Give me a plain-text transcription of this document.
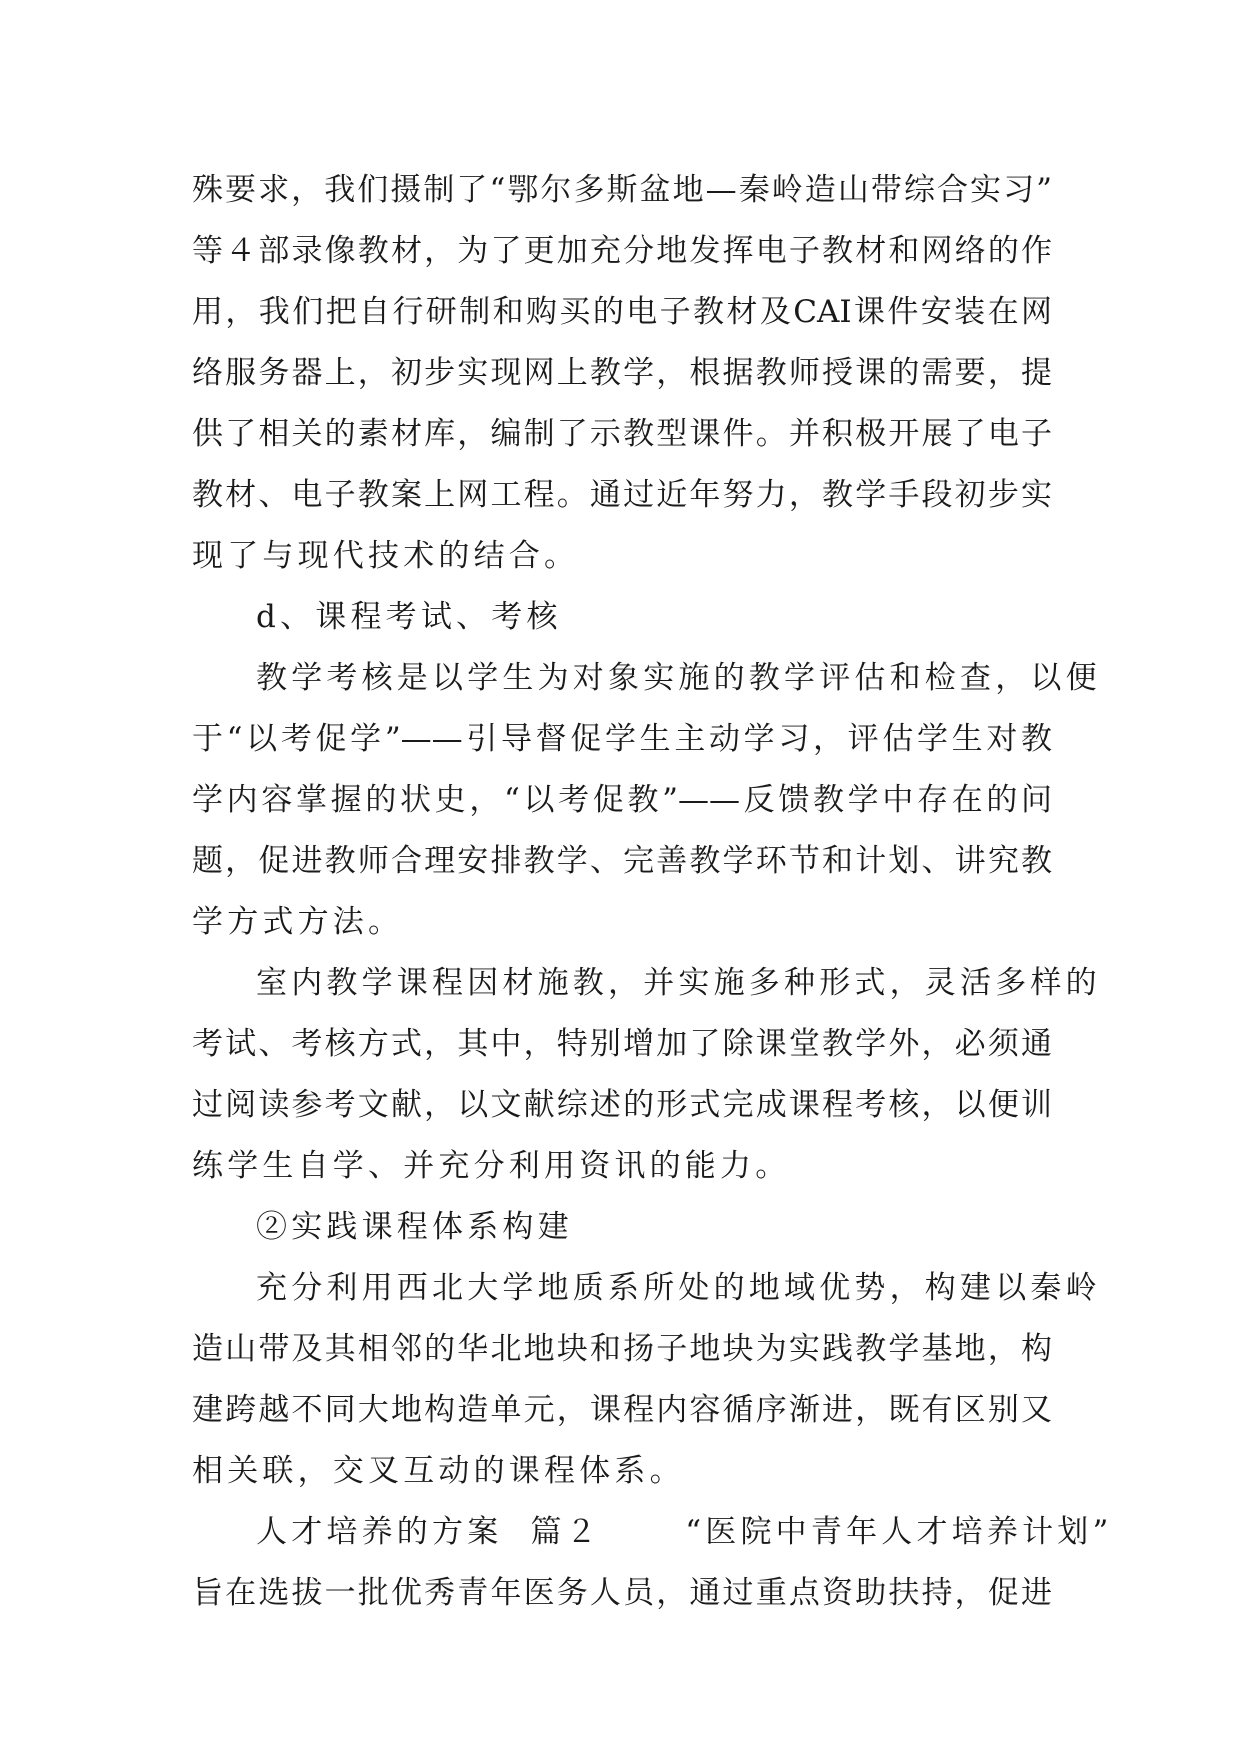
殊要求，我们摄制了“鄂尔多斯盆地—秦岭造山带综合实习”
等４部录像教材，为了更加充分地发挥电子教材和网络的作
用，我们把自行研制和购买的电子教材及CAI课件安装在网
络服务器上，初步实现网上教学，根据教师授课的需要，提
供了相关的素材库，编制了示教型课件。并积极开展了电子
教材、电子教案上网工程。通过近年努力，教学手段初步实
现了与现代技术的结合。
d、课程考试、考核
教学考核是以学生为对象实施的教学评估和检查，以便
于“以考促学”——引导督促学生主动学习，评估学生对教
学内容掌握的状史，“以考促教”——反馈教学中存在的问
题，促进教师合理安排教学、完善教学环节和计划、讲究教
学方式方法。
室内教学课程因材施教，并实施多种形式，灵活多样的
考试、考核方式，其中，特别增加了除课堂教学外，必须通
过阅读参考文献，以文献综述的形式完成课程考核，以便训
练学生自学、并充分利用资讯的能力。
②实践课程体系构建
充分利用西北大学地质系所处的地域优势，构建以秦岭
造山带及其相邻的华北地块和扬子地块为实践教学基地，构
建跨越不同大地构造单元，课程内容循序渐进，既有区别又
相关联，交叉互动的课程体系。
人才培养的方案  篇２      “医院中青年人才培养计划”
旨在选拔一批优秀青年医务人员，通过重点资助扶持，促进
